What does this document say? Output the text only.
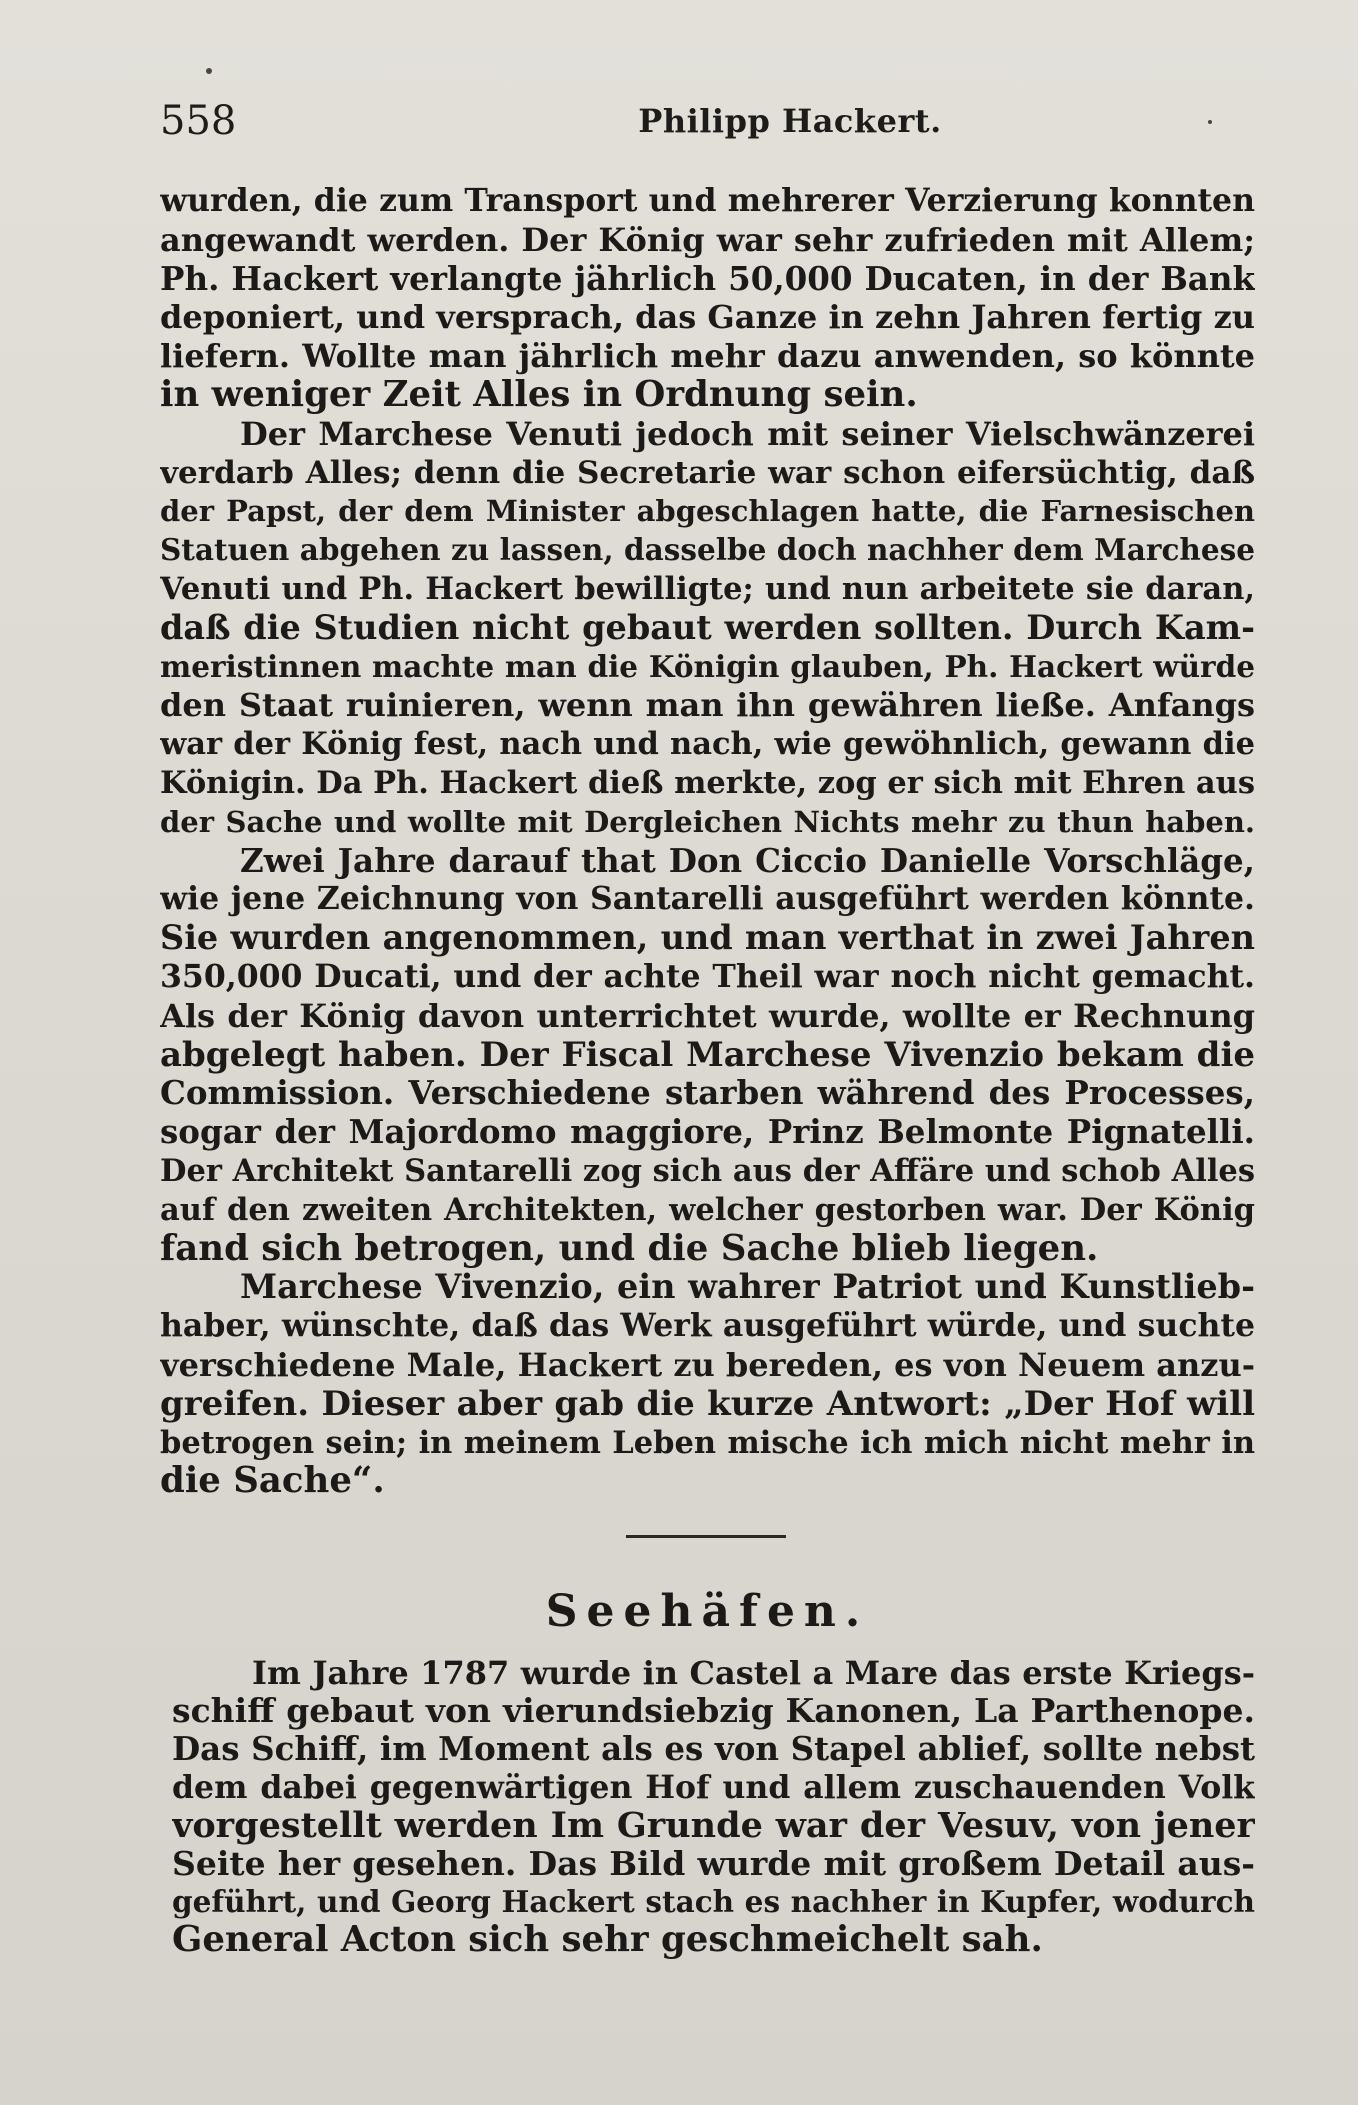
558	Philipp Hackert.
wurden, die zum Transport und mehrerer Verzierung konnten
angewandt werden. Der König war sehr zufrieden mit Allem;
Ph. Hackert verlangte jährlich 50,000 Ducaten, in der Bank
deponiert, und versprach, das Ganze in zehn Jahren fertig zu
liefern. Wollte man jährlich mehr dazu anwenden, so könnte
in weniger Zeit Alles in Ordnung sein.
Der Marchese Venuti jedoch mit seiner Vielschwänzerei
verdarb Alles; denn die Secretarie war schon eifersüchtig, daß
der Papst, der dem Minister abgeschlagen hatte, die Farnesischen
Statuen abgehen zu lassen, dasselbe doch nachher dem Marchese
Venuti und Ph. Hackert bewilligte; und nun arbeitete sie daran,
daß die Studien nicht gebaut werden sollten. Durch Kam-
meristinnen machte man die Königin glauben, Ph. Hackert würde
den Staat ruinieren, wenn man ihn gewähren ließe. Anfangs
war der König fest, nach und nach, wie gewöhnlich, gewann die
Königin. Da Ph. Hackert dieß merkte, zog er sich mit Ehren aus
der Sache und wollte mit Dergleichen Nichts mehr zu thun haben.
Zwei Jahre darauf that Don Ciccio Danielle Vorschläge,
wie jene Zeichnung von Santarelli ausgeführt werden könnte.
Sie wurden angenommen, und man verthat in zwei Jahren
350,000 Ducati, und der achte Theil war noch nicht gemacht.
Als der König davon unterrichtet wurde, wollte er Rechnung
abgelegt haben. Der Fiscal Marchese Vivenzio bekam die
Commission. Verschiedene starben während des Processes,
sogar der Majordomo maggiore, Prinz Belmonte Pignatelli.
Der Architekt Santarelli zog sich aus der Affäre und schob Alles
auf den zweiten Architekten, welcher gestorben war. Der König
fand sich betrogen, und die Sache blieb liegen.
Marchese Vivenzio, ein wahrer Patriot und Kunstlieb-
haber, wünschte, daß das Werk ausgeführt würde, und suchte
verschiedene Male, Hackert zu bereden, es von Neuem anzu-
greifen. Dieser aber gab die kurze Antwort: „Der Hof will
betrogen sein; in meinem Leben mische ich mich nicht mehr in
die Sache“.
Seehäfen.
Im Jahre 1787 wurde in Castel a Mare das erste Kriegs-
schiff gebaut von vierundsiebzig Kanonen, La Parthenope.
Das Schiff, im Moment als es von Stapel ablief, sollte nebst
dem dabei gegenwärtigen Hof und allem zuschauenden Volk
vorgestellt werden Im Grunde war der Vesuv, von jener
Seite her gesehen. Das Bild wurde mit großem Detail aus-
geführt, und Georg Hackert stach es nachher in Kupfer, wodurch
General Acton sich sehr geschmeichelt sah.
